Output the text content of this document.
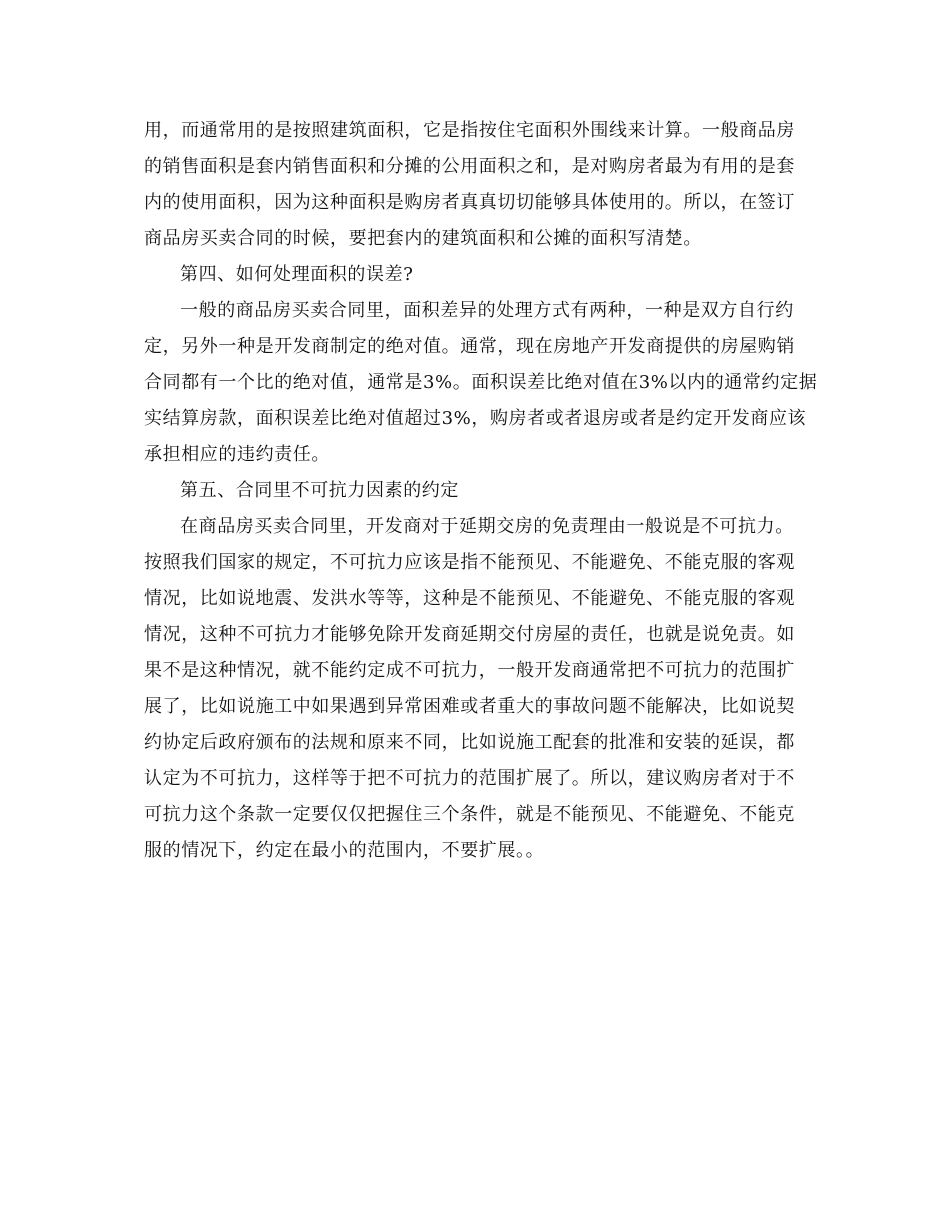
用，而通常用的是按照建筑面积，它是指按住宅面积外围线来计算。一般商品房
的销售面积是套内销售面积和分摊的公用面积之和，是对购房者最为有用的是套
内的使用面积，因为这种面积是购房者真真切切能够具体使用的。所以，在签订
商品房买卖合同的时候，要把套内的建筑面积和公摊的面积写清楚。
第四、如何处理面积的误差?
一般的商品房买卖合同里，面积差异的处理方式有两种，一种是双方自行约
定，另外一种是开发商制定的绝对值。通常，现在房地产开发商提供的房屋购销
合同都有一个比的绝对值，通常是3%。面积误差比绝对值在3%以内的通常约定据
实结算房款，面积误差比绝对值超过3%，购房者或者退房或者是约定开发商应该
承担相应的违约责任。
第五、合同里不可抗力因素的约定
在商品房买卖合同里，开发商对于延期交房的免责理由一般说是不可抗力。
按照我们国家的规定，不可抗力应该是指不能预见、不能避免、不能克服的客观
情况，比如说地震、发洪水等等，这种是不能预见、不能避免、不能克服的客观
情况，这种不可抗力才能够免除开发商延期交付房屋的责任，也就是说免责。如
果不是这种情况，就不能约定成不可抗力，一般开发商通常把不可抗力的范围扩
展了，比如说施工中如果遇到异常困难或者重大的事故问题不能解决，比如说契
约协定后政府颁布的法规和原来不同，比如说施工配套的批准和安装的延误，都
认定为不可抗力，这样等于把不可抗力的范围扩展了。所以，建议购房者对于不
可抗力这个条款一定要仅仅把握住三个条件，就是不能预见、不能避免、不能克
服的情况下，约定在最小的范围内，不要扩展。。
